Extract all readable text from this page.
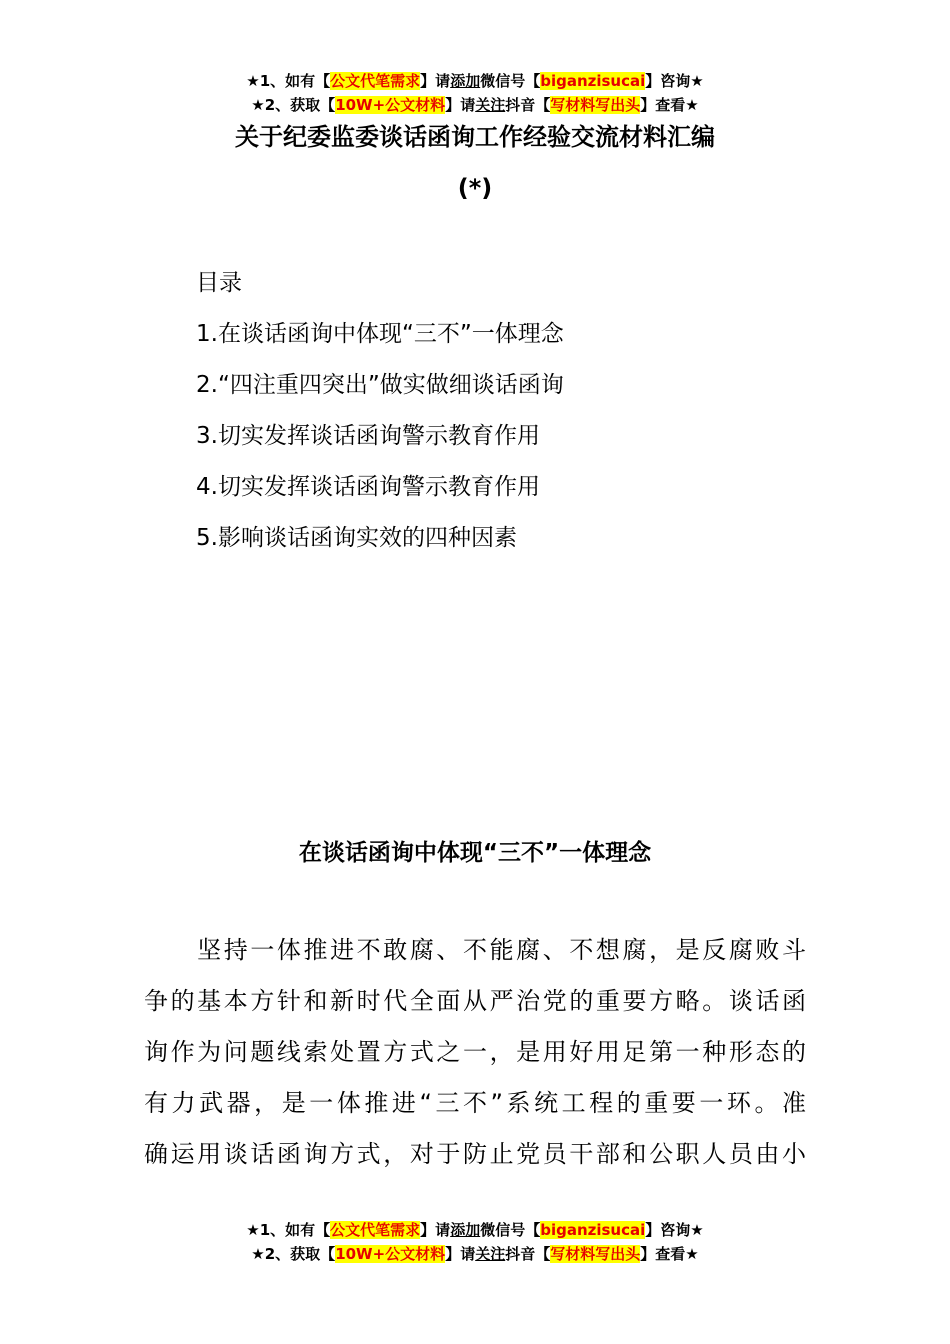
★1、如有【公文代笔需求】请添加微信号【biganzisucai】咨询★
★2、获取【10W+公文材料】请关注抖音【写材料写出头】查看★
关于纪委监委谈话函询工作经验交流材料汇编
(*)
目录
1.在谈话函询中体现“三不”一体理念
2.“四注重四突出”做实做细谈话函询
3.切实发挥谈话函询警示教育作用
4.切实发挥谈话函询警示教育作用
5.影响谈话函询实效的四种因素
在谈话函询中体现“三不”一体理念
　　坚持一体推进不敢腐、不能腐、不想腐，是反腐败斗
争的基本方针和新时代全面从严治党的重要方略。谈话函
询作为问题线索处置方式之一，是用好用足第一种形态的
有力武器，是一体推进“三不”系统工程的重要一环。准
确运用谈话函询方式，对于防止党员干部和公职人员由小
★1、如有【公文代笔需求】请添加微信号【biganzisucai】咨询★
★2、获取【10W+公文材料】请关注抖音【写材料写出头】查看★
